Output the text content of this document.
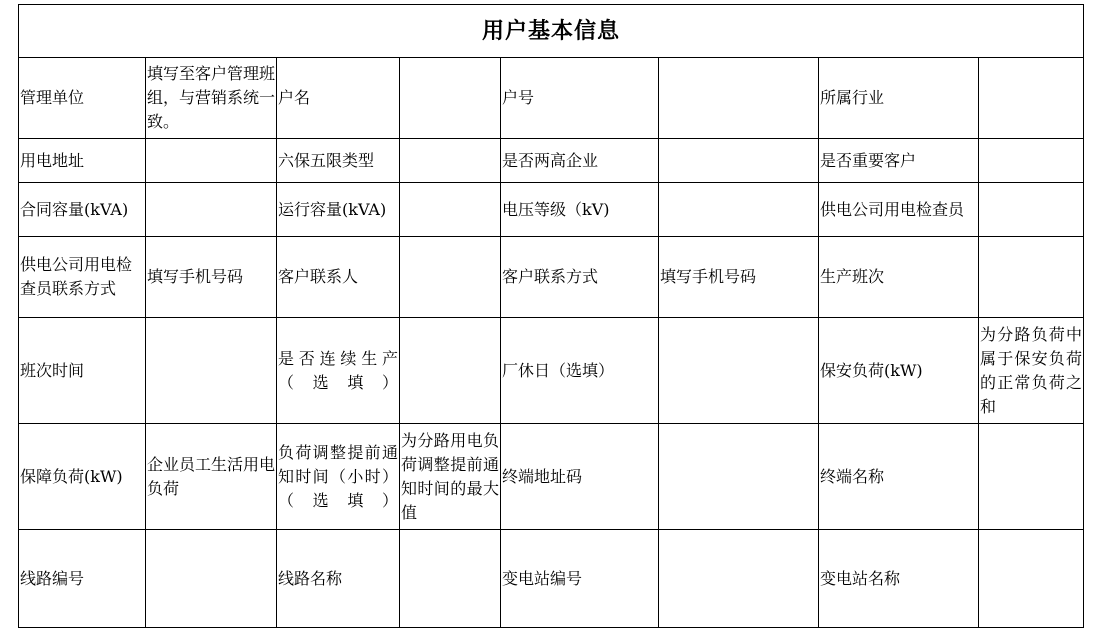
用户基本信息							
管理单位	填写至客户管理班组，与营销系统一致。	户名		户号		所属行业	
用电地址		六保五限类型		是否两高企业		是否重要客户	
合同容量(kVA)		运行容量(kVA)		电压等级（kV)		供电公司用电检查员	
供电公司用电检查员联系方式	填写手机号码	客户联系人		客户联系方式	填写手机号码	生产班次	
班次时间		是否连续生产（选填）		厂休日（选填）		保安负荷(kW)	为分路负荷中属于保安负荷的正常负荷之和
保障负荷(kW)	企业员工生活用电负荷	负荷调整提前通知时间（小时）（选填）	为分路用电负荷调整提前通知时间的最大值	终端地址码		终端名称	
线路编号		线路名称		变电站编号		变电站名称	
